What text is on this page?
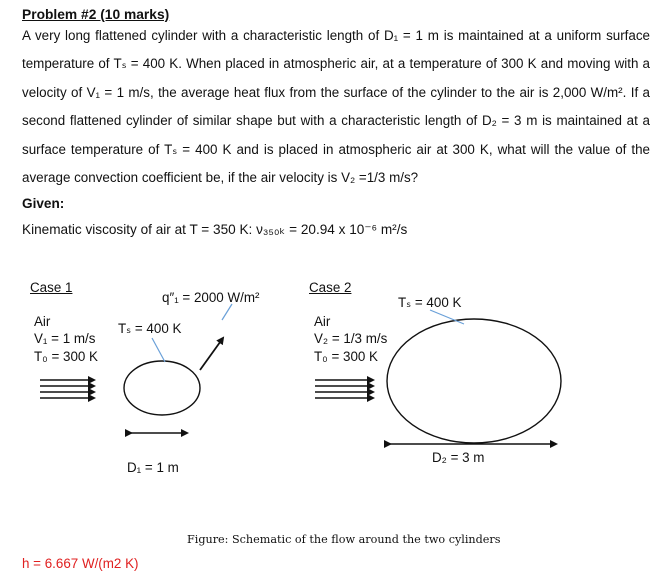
Problem #2 (10 marks)
A very long flattened cylinder with a characteristic length of D₁ = 1 m is maintained at a uniform surface
temperature of Tₛ = 400 K. When placed in atmospheric air, at a temperature of 300 K and moving with a
velocity of V₁ = 1 m/s, the average heat flux from the surface of the cylinder to the air is 2,000 W/m². If a
second flattened cylinder of similar shape but with a characteristic length of D₂ = 3 m is maintained at a
surface temperature of Tₛ = 400 K and is placed in atmospheric air at 300 K, what will the value of the
average convection coefficient be, if the air velocity is V₂ =1/3 m/s?
Given:
Kinematic viscosity of air at T = 350 K: ν₃₅₀ₖ = 20.94 x 10⁻⁶ m²/s
Case 1
q″₁ = 2000 W/m²
Air
V₁ = 1 m/s
Tₛ = 400 K
T₀ = 300 K
D₁ = 1 m
Case 2
Tₛ = 400 K
Air
V₂ = 1/3 m/s
T₀ = 300 K
D₂ = 3 m
Figure: Schematic of the flow around the two cylinders
h = 6.667 W/(m2 K)
